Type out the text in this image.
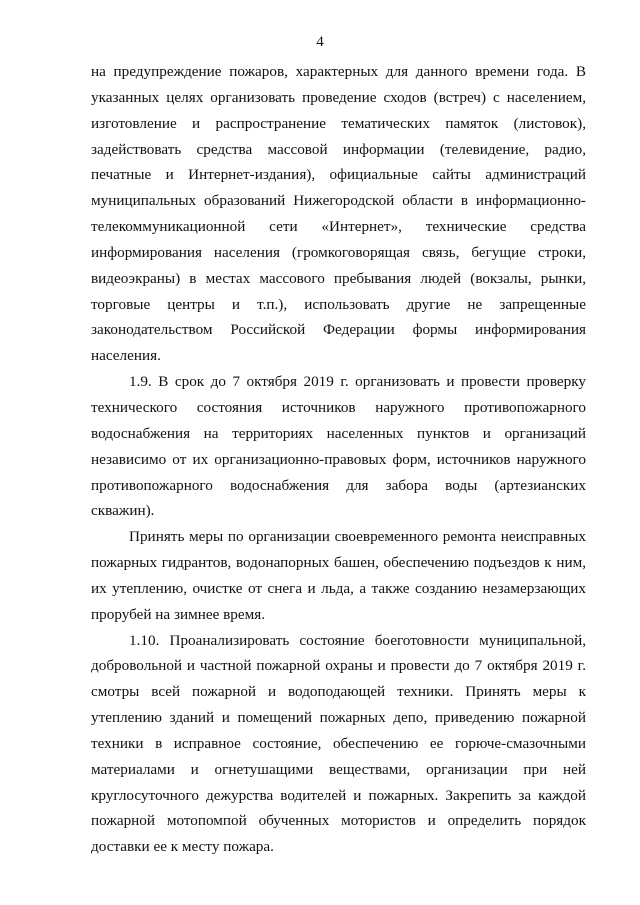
4

на предупреждение пожаров, характерных для данного времени года. В указанных целях организовать проведение сходов (встреч) с населением, изготовление и распространение тематических памяток (листовок), задействовать средства массовой информации (телевидение, радио, печатные и Интернет-издания), официальные сайты администраций муниципальных образований Нижегородской области в информационно-телекоммуникационной сети «Интернет», технические средства информирования населения (громкоговорящая связь, бегущие строки, видеоэкраны) в местах массового пребывания людей (вокзалы, рынки, торговые центры и т.п.), использовать другие не запрещенные законодательством Российской Федерации формы информирования населения.

1.9. В срок до 7 октября 2019 г. организовать и провести проверку технического состояния источников наружного противопожарного водоснабжения на территориях населенных пунктов и организаций независимо от их организационно-правовых форм, источников наружного противопожарного водоснабжения для забора воды (артезианских скважин).

Принять меры по организации своевременного ремонта неисправных пожарных гидрантов, водонапорных башен, обеспечению подъездов к ним, их утеплению, очистке от снега и льда, а также созданию незамерзающих прорубей на зимнее время.

1.10. Проанализировать состояние боеготовности муниципальной, добровольной и частной пожарной охраны и провести до 7 октября 2019 г. смотры всей пожарной и водоподающей техники. Принять меры к утеплению зданий и помещений пожарных депо, приведению пожарной техники в исправное состояние, обеспечению ее горюче-смазочными материалами и огнетушащими веществами, организации при ней круглосуточного дежурства водителей и пожарных. Закрепить за каждой пожарной мотопомпой обученных мотористов и определить порядок доставки ее к месту пожара.
